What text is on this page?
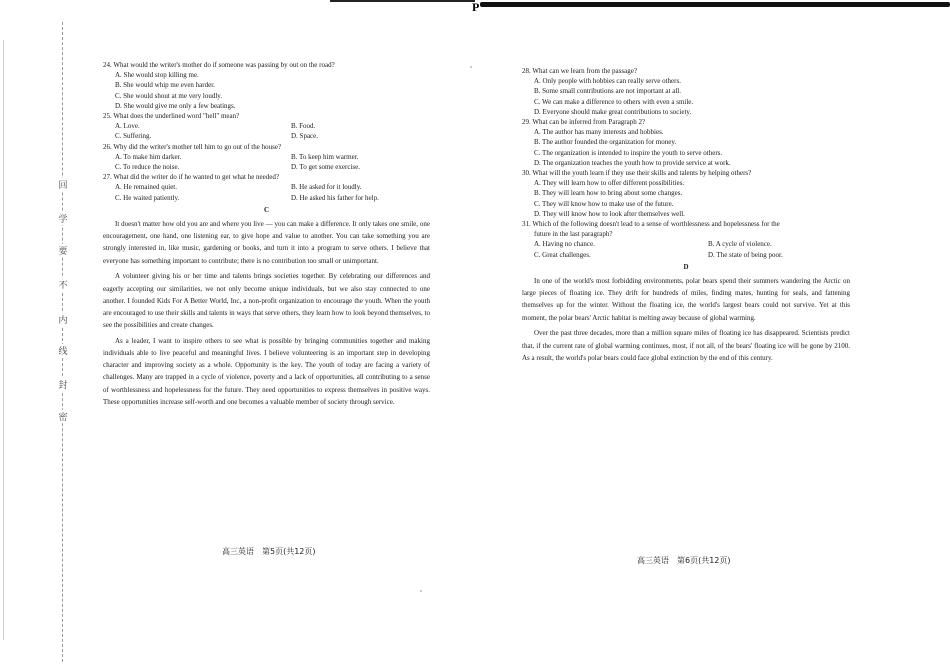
P
回
学
要
不
内
线
封
密

24. What would the writer's mother do if someone was passing by out on the road?

A. She would stop killing me.

B. She would whip me even harder.

C. She would shout at me very loudly.

D. She would give me only a few beatings.

25. What does the underlined word "hell" mean?

A. Love.	B. Food.
C. Suffering.	D. Space.

26. Why did the writer's mother tell him to go out of the house?

A. To make him darker.	B. To keep him warmer.
C. To reduce the noise.	D. To get some exercise.

27. What did the writer do if he wanted to get what he needed?

A. He remained quiet.	B. He asked for it loudly.
C. He waited patiently.	D. He asked his father for help.
C

It doesn't matter how old you are and where you live — you can make a difference. It only takes one smile, one encouragement, one hand, one listening ear, to give hope and value to another. You can take something you are strongly interested in, like music, gardening or books, and turn it into a program to serve others. I believe that everyone has something important to contribute; there is no contribution too small or unimportant.

A volunteer giving his or her time and talents brings societies together. By celebrating our differences and eagerly accepting our similarities, we not only become unique individuals, but we also stay connected to one another. I founded Kids For A Better World, Inc, a non-profit organization to encourage the youth. When the youth are encouraged to use their skills and talents in ways that serve others, they learn how to look beyond themselves, to see the possibilities and create changes.

As a leader, I want to inspire others to see what is possible by bringing communities together and making individuals able to live peaceful and meaningful lives. I believe volunteering is an important step in developing character and improving society as a whole. Opportunity is the key. The youth of today are facing a variety of challenges. Many are trapped in a cycle of violence, poverty and a lack of opportunities, all contributing to a sense of worthlessness and hopelessness for the future. They need opportunities to express themselves in positive ways. These opportunities increase self-worth and one becomes a valuable member of society through service.

高三英语　第5页(共12页)

28. What can we learn from the passage?

A. Only people with hobbies can really serve others.

B. Some small contributions are not important at all.

C. We can make a difference to others with even a smile.

D. Everyone should make great contributions to society.

29. What can be inferred from Paragraph 2?

A. The author has many interests and hobbies.

B. The author founded the organization for money.

C. The organization is intended to inspire the youth to serve others.

D. The organization teaches the youth how to provide service at work.

30. What will the youth learn if they use their skills and talents by helping others?

A. They will learn how to offer different possibilities.

B. They will learn how to bring about some changes.

C. They will know how to make use of the future.

D. They will know how to look after themselves well.

31. Which of the following doesn't lead to a sense of worthlessness and hopelessness for the

future in the last paragraph?

A. Having no chance.	B. A cycle of violence.
C. Great challenges.	D. The state of being poor.
D

In one of the world's most forbidding environments, polar bears spend their summers wandering the Arctic on large pieces of floating ice. They drift for hundreds of miles, finding mates, hunting for seals, and fattening themselves up for the winter. Without the floating ice, the world's largest bears could not survive. Yet at this moment, the polar bears' Arctic habitat is melting away because of global warming.

Over the past three decades, more than a million square miles of floating ice has disappeared. Scientists predict that, if the current rate of global warming continues, most, if not all, of the bears' floating ice will be gone by 2100. As a result, the world's polar bears could face global extinction by the end of this century.

高三英语　第6页(共12页)
